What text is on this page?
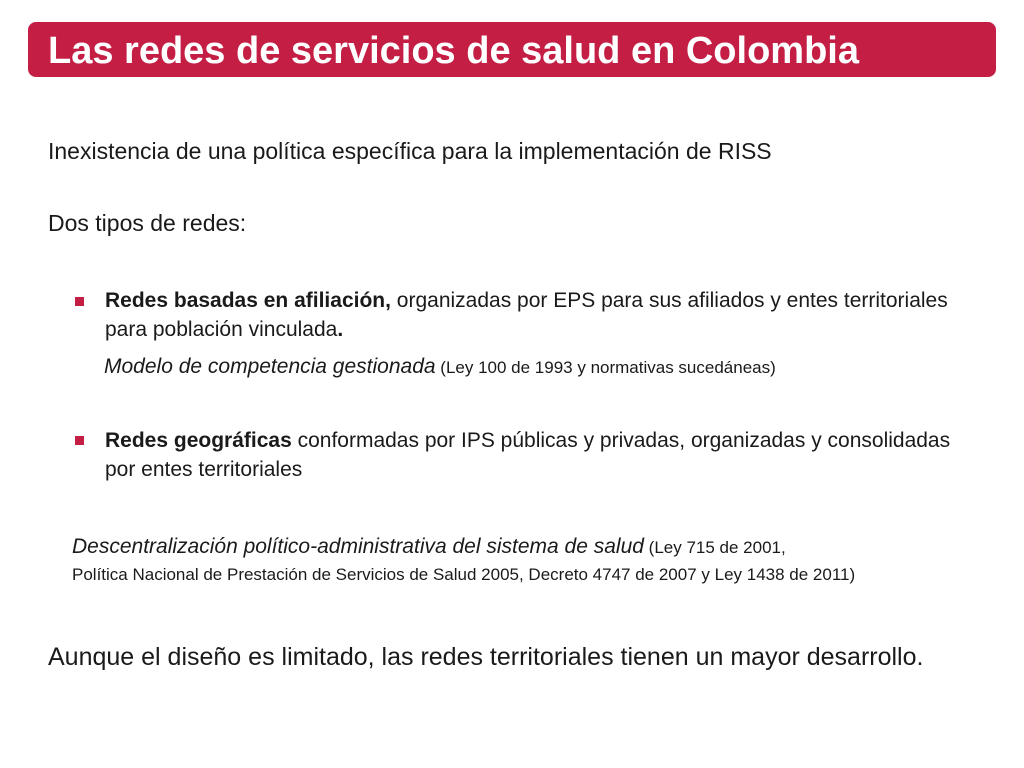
Las redes de servicios de salud en Colombia

Inexistencia de una política específica para la implementación de RISS

Dos tipos de redes:

Redes basadas en afiliación, organizadas por EPS para sus afiliados y entes territoriales para población vinculada.

Modelo de competencia gestionada (Ley 100 de 1993 y normativas sucedáneas)

Redes geográficas conformadas por IPS públicas y privadas, organizadas y consolidadas por entes territoriales

Descentralización político-administrativa del sistema de salud (Ley 715 de 2001,
Política Nacional de Prestación de Servicios de Salud 2005, Decreto 4747 de 2007 y Ley 1438 de 2011)

Aunque el diseño es limitado, las redes territoriales tienen un mayor desarrollo.
